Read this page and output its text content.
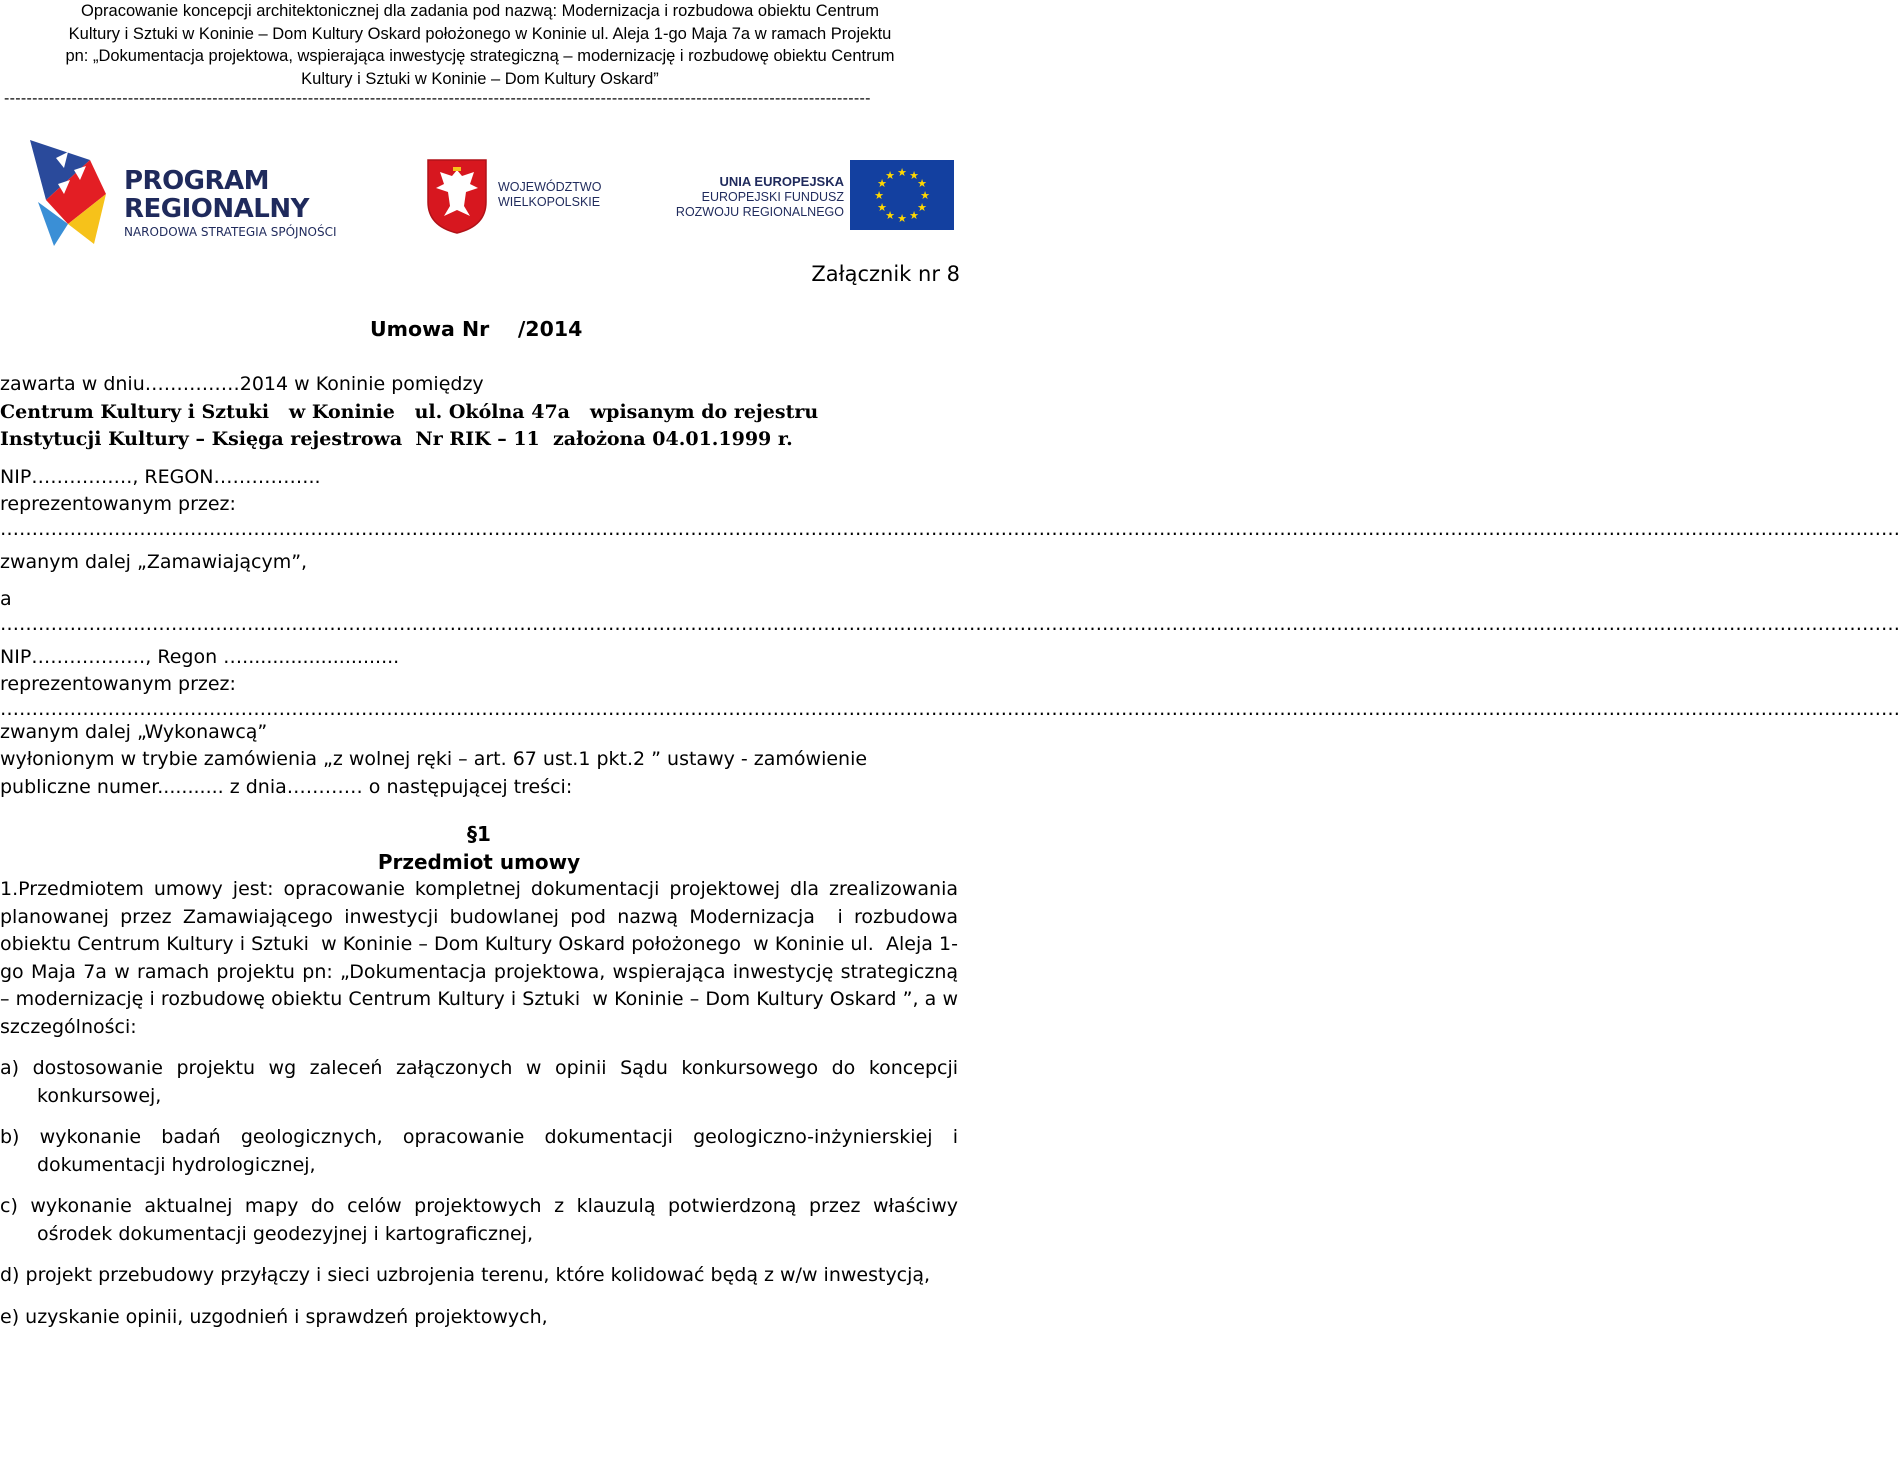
Opracowanie koncepcji architektonicznej dla zadania pod nazwą: Modernizacja i rozbudowa obiektu Centrum
Kultury i Sztuki w Koninie – Dom Kultury Oskard położonego w Koninie ul. Aleja 1-go Maja 7a w ramach Projektu
pn: „Dokumentacja projektowa, wspierająca inwestycję strategiczną – modernizację i rozbudowę obiektu Centrum
Kultury i Sztuki w Koninie – Dom Kultury Oskard”
----------------------------------------------------------------------------------------------------------------------------------------------------------
PROGRAM
REGIONALNY
NARODOWA STRATEGIA SPÓJNOŚCI
WOJEWÓDZTWO
WIELKOPOLSKIE
UNIA EUROPEJSKA
EUROPEJSKI FUNDUSZ
ROZWOJU REGIONALNEGO
★ ★
★
★
★
★
★
★
★
★
★
★
Załącznik nr 8
Umowa Nr    /2014
zawarta w dniu……………2014 w Koninie pomiędzy
Centrum Kultury i Sztuki   w Koninie   ul. Okólna 47a   wpisanym do rejestru
Instytucji Kultury – Księga rejestrowa  Nr RIK – 11  założona 04.01.1999 r.
NIP……………., REGON……………..
reprezentowanym przez:
…………………………………………………………………………………………………………………………………………………………………………………………………………………………………………………………………………
zwanym dalej „Zamawiającym”,
a
…………………………………………………………………………………………………………………………………………………………………………………………………………………………………………………………………………
NIP………………, Regon …..........................
reprezentowanym przez:
…………………………………………………………………………………………………………………………………………………………………………………………………………………………………………………………………………
zwanym dalej „Wykonawcą”
wyłonionym w trybie zamówienia „z wolnej ręki – art. 67 ust.1 pkt.2 ” ustawy - zamówienie
publiczne numer........... z dnia………… o następującej treści:
§1
Przedmiot umowy
1.Przedmiotem umowy jest: opracowanie kompletnej dokumentacji projektowej dla zrealizowania planowanej przez Zamawiającego inwestycji budowlanej pod nazwą Modernizacja  i rozbudowa  obiektu Centrum Kultury i Sztuki  w Koninie – Dom Kultury Oskard położonego  w Koninie ul.  Aleja 1-go Maja 7a w ramach projektu pn: „Dokumentacja projektowa, wspierająca inwestycję strategiczną – modernizację i rozbudowę obiektu Centrum Kultury i Sztuki  w Koninie – Dom Kultury Oskard ”, a w szczególności:
a) dostosowanie projektu wg zaleceń załączonych w opinii Sądu konkursowego do koncepcji konkursowej,
b) wykonanie badań geologicznych, opracowanie dokumentacji geologiczno-inżynierskiej i dokumentacji hydrologicznej,
c) wykonanie aktualnej mapy do celów projektowych z klauzulą potwierdzoną przez właściwy ośrodek dokumentacji geodezyjnej i kartograficznej,
d) projekt przebudowy przyłączy i sieci uzbrojenia terenu, które kolidować będą z w/w inwestycją,
e) uzyskanie opinii, uzgodnień i sprawdzeń projektowych,
